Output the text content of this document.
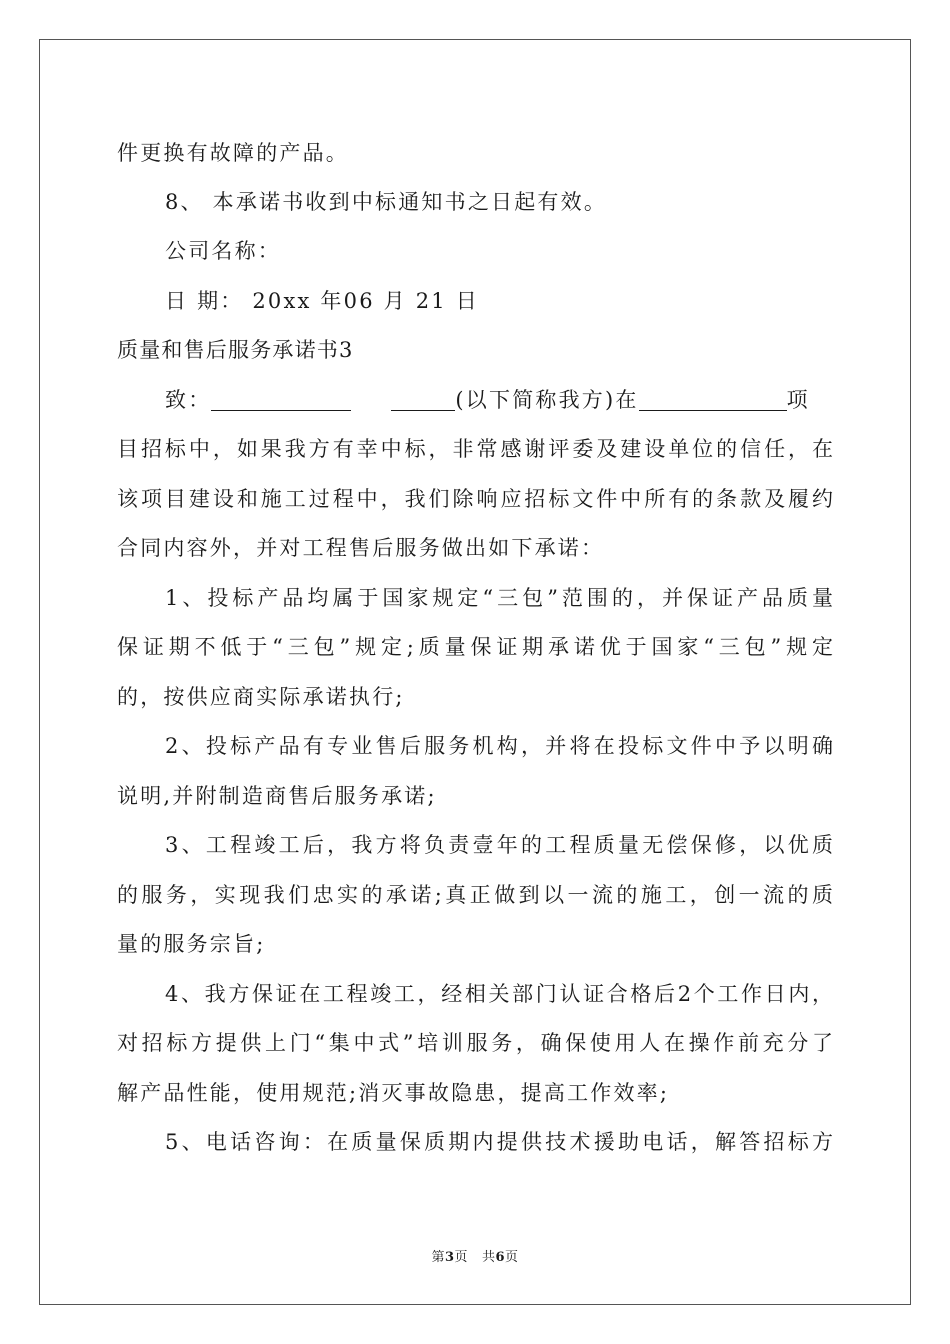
件更换有故障的产品。
8、 本承诺书收到中标通知书之日起有效。
公司名称：
日 期： 20xx 年06 月 21 日
质量和售后服务承诺书3
致：	(以下简称我方)在	项
目招标中，如果我方有幸中标，非常感谢评委及建设单位的信任，在
该项目建设和施工过程中，我们除响应招标文件中所有的条款及履约
合同内容外，并对工程售后服务做出如下承诺：
1、投标产品均属于国家规定“三包”范围的，并保证产品质量
保证期不低于“三包”规定;质量保证期承诺优于国家“三包”规定
的，按供应商实际承诺执行;
2、投标产品有专业售后服务机构，并将在投标文件中予以明确
说明,并附制造商售后服务承诺;
3、工程竣工后，我方将负责壹年的工程质量无偿保修，以优质
的服务，实现我们忠实的承诺;真正做到以一流的施工，创一流的质
量的服务宗旨;
4、我方保证在工程竣工，经相关部门认证合格后2个工作日内，
对招标方提供上门“集中式”培训服务，确保使用人在操作前充分了
解产品性能，使用规范;消灭事故隐患，提高工作效率;
5、电话咨询：在质量保质期内提供技术援助电话，解答招标方
第3页   共6页
